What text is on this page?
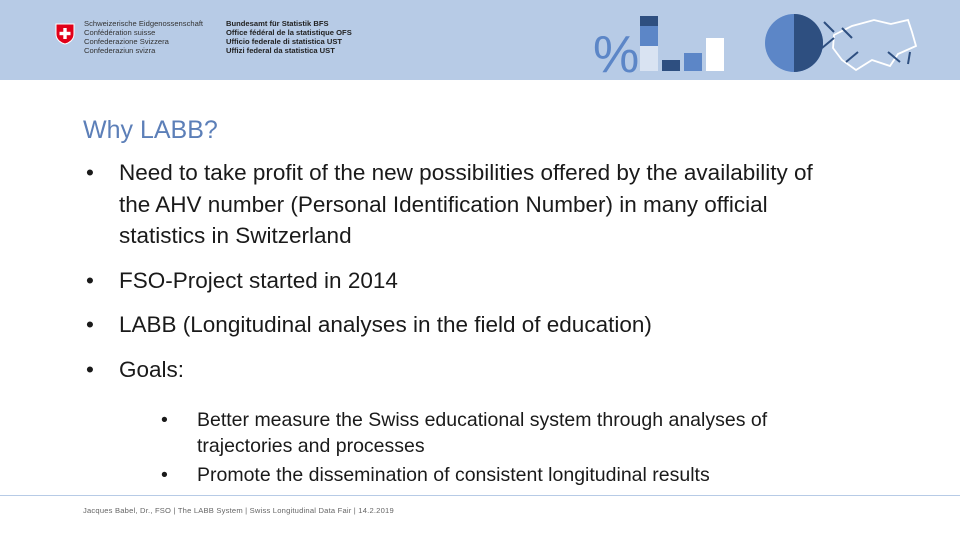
Schweizerische Eidgenossenschaft
Confédération suisse
Confederazione Svizzera
Confederaziun svizra
Bundesamt für Statistik BFS
Office fédéral de la statistique OFS
Ufficio federale di statistica UST
Uffizi federal da statistica UST	%
Why LABB?
• Need to take profit of the new possibilities offered by the availability of the AHV number (Personal Identification Number) in many official statistics in Switzerland
• FSO-Project started in 2014
• LABB (Longitudinal analyses in the field of education)
• Goals:
• Better measure the Swiss educational system through analyses of trajectories and processes
• Promote the dissemination of consistent longitudinal results
Jacques Babel, Dr., FSO | The LABB System | Swiss Longitudinal Data Fair | 14.2.2019
